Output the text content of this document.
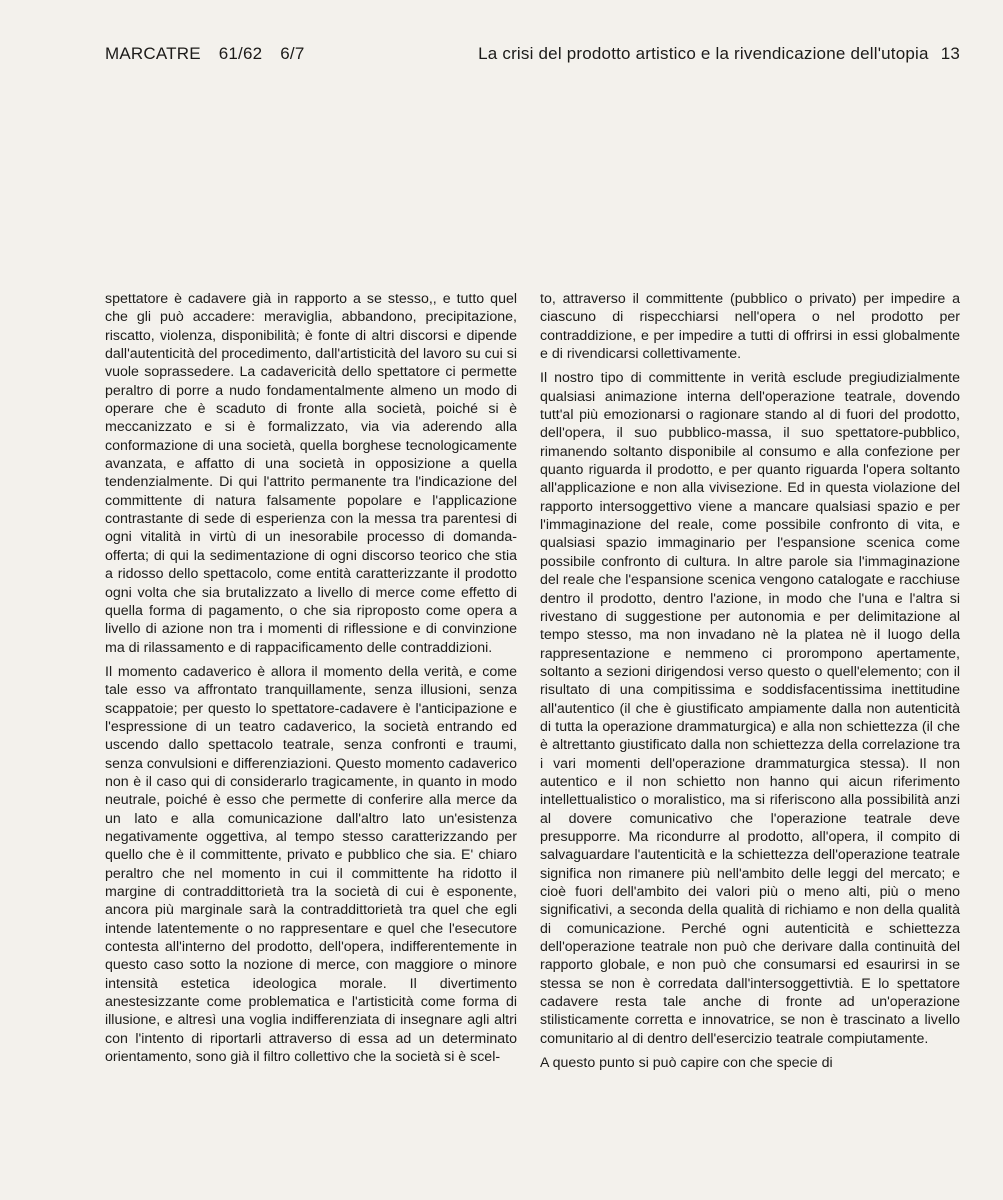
MARCATRE 61/62 6/7	La crisi del prodotto artistico e la rivendicazione dell'utopia 13

spettatore è cadavere già in rapporto a se stesso,, e tutto quel che gli può accadere: meraviglia, abbandono, precipitazione, riscatto, violenza, disponibilità; è fonte di altri discorsi e dipende dall'autenticità del procedimento, dall'artisticità del lavoro su cui si vuole soprassedere. La cadavericità dello spettatore ci permette peraltro di porre a nudo fondamentalmente almeno un modo di operare che è scaduto di fronte alla società, poiché si è meccanizzato e si è formalizzato, via via aderendo alla conformazione di una società, quella borghese tecnologicamente avanzata, e affatto di una società in opposizione a quella tendenzialmente. Di qui l'attrito permanente tra l'indicazione del committente di natura falsamente popolare e l'applicazione contrastante di sede di esperienza con la messa tra parentesi di ogni vitalità in virtù di un inesorabile processo di domanda-offerta; di qui la sedimentazione di ogni discorso teorico che stia a ridosso dello spettacolo, come entità caratterizzante il prodotto ogni volta che sia brutalizzato a livello di merce come effetto di quella forma di pagamento, o che sia riproposto come opera a livello di azione non tra i momenti di riflessione e di convinzione ma di rilassamento e di rappacificamento delle contraddizioni.

Il momento cadaverico è allora il momento della verità, e come tale esso va affrontato tranquillamente, senza illusioni, senza scappatoie; per questo lo spettatore-cadavere è l'anticipazione e l'espressione di un teatro cadaverico, la società entrando ed uscendo dallo spettacolo teatrale, senza confronti e traumi, senza convulsioni e differenziazioni. Questo momento cadaverico non è il caso qui di considerarlo tragicamente, in quanto in modo neutrale, poiché è esso che permette di conferire alla merce da un lato e alla comunicazione dall'altro lato un'esistenza negativamente oggettiva, al tempo stesso caratterizzando per quello che è il committente, privato e pubblico che sia. E' chiaro peraltro che nel momento in cui il committente ha ridotto il margine di contraddittorietà tra la società di cui è esponente, ancora più marginale sarà la contraddittorietà tra quel che egli intende latentemente o no rappresentare e quel che l'esecutore contesta all'interno del prodotto, dell'opera, indifferentemente in questo caso sotto la nozione di merce, con maggiore o minore intensità estetica ideologica morale. Il divertimento anestesizzante come problematica e l'artisticità come forma di illusione, e altresì una voglia indifferenziata di insegnare agli altri con l'intento di riportarli attraverso di essa ad un determinato orientamento, sono già il filtro collettivo che la società si è scel-

to, attraverso il committente (pubblico o privato) per impedire a ciascuno di rispecchiarsi nell'opera o nel prodotto per contraddizione, e per impedire a tutti di offrirsi in essi globalmente e di rivendicarsi collettivamente.

Il nostro tipo di committente in verità esclude pregiudizialmente qualsiasi animazione interna dell'operazione teatrale, dovendo tutt'al più emozionarsi o ragionare stando al di fuori del prodotto, dell'opera, il suo pubblico-massa, il suo spettatore-pubblico, rimanendo soltanto disponibile al consumo e alla confezione per quanto riguarda il prodotto, e per quanto riguarda l'opera soltanto all'applicazione e non alla vivisezione. Ed in questa violazione del rapporto intersoggettivo viene a mancare qualsiasi spazio e per l'immaginazione del reale, come possibile confronto di vita, e qualsiasi spazio immaginario per l'espansione scenica come possibile confronto di cultura. In altre parole sia l'immaginazione del reale che l'espansione scenica vengono catalogate e racchiuse dentro il prodotto, dentro l'azione, in modo che l'una e l'altra si rivestano di suggestione per autonomia e per delimitazione al tempo stesso, ma non invadano nè la platea nè il luogo della rappresentazione e nemmeno ci prorompono apertamente, soltanto a sezioni dirigendosi verso questo o quell'elemento; con il risultato di una compitissima e soddisfacentissima inettitudine all'autentico (il che è giustificato ampiamente dalla non autenticità di tutta la operazione drammaturgica) e alla non schiettezza (il che è altrettanto giustificato dalla non schiettezza della correlazione tra i vari momenti dell'operazione drammaturgica stessa). Il non autentico e il non schietto non hanno qui aicun riferimento intellettualistico o moralistico, ma si riferiscono alla possibilità anzi al dovere comunicativo che l'operazione teatrale deve presupporre. Ma ricondurre al prodotto, all'opera, il compito di salvaguardare l'autenticità e la schiettezza dell'operazione teatrale significa non rimanere più nell'ambito delle leggi del mercato; e cioè fuori dell'ambito dei valori più o meno alti, più o meno significativi, a seconda della qualità di richiamo e non della qualità di comunicazione. Perché ogni autenticità e schiettezza dell'operazione teatrale non può che derivare dalla continuità del rapporto globale, e non può che consumarsi ed esaurirsi in se stessa se non è corredata dall'intersoggettivtià. E lo spettatore cadavere resta tale anche di fronte ad un'operazione stilisticamente corretta e innovatrice, se non è trascinato a livello comunitario al di dentro dell'esercizio teatrale compiutamente.

A questo punto si può capire con che specie di
